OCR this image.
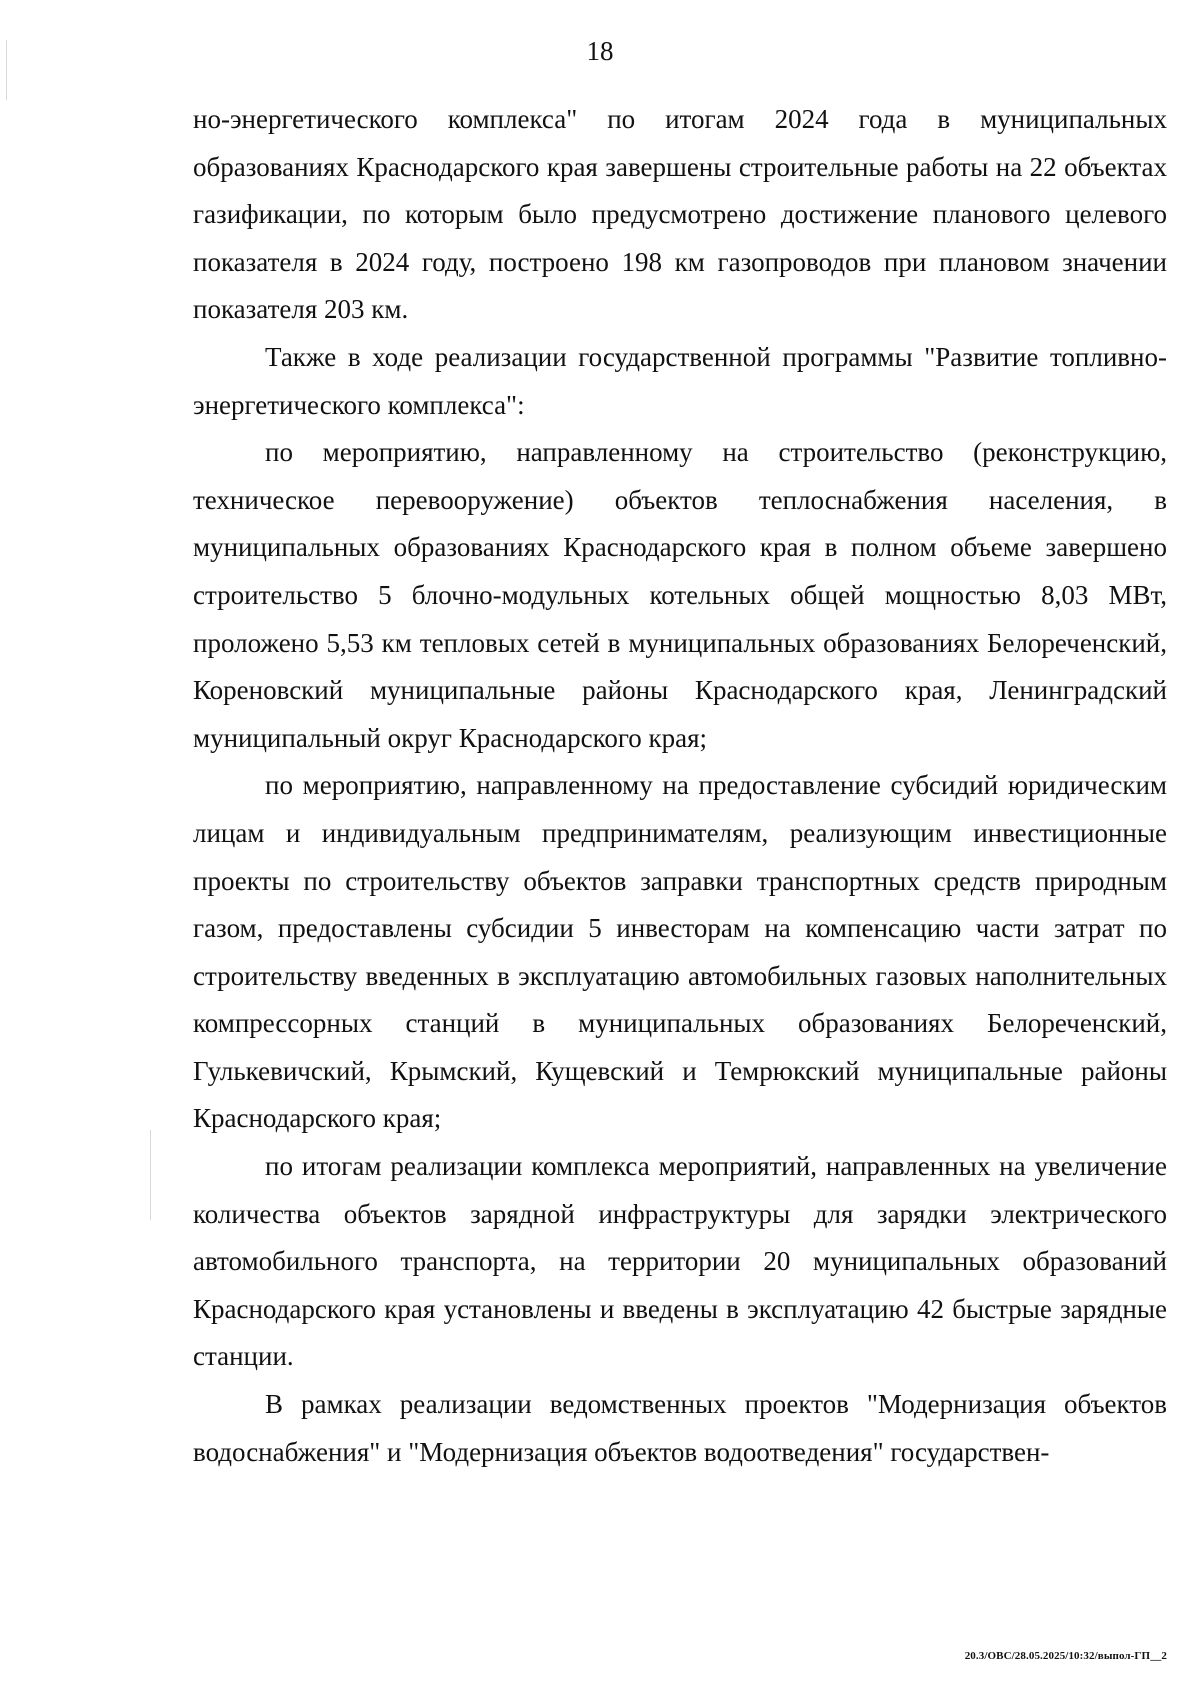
18

но-энергетического комплекса" по итогам 2024 года в муниципальных образованиях Краснодарского края завершены строительные работы на 22 объектах газификации, по которым было предусмотрено достижение планового целевого показателя в 2024 году, построено 198 км газопроводов при плановом значении показателя 203 км.

Также в ходе реализации государственной программы "Развитие топливно-энергетического комплекса":

по мероприятию, направленному на строительство (реконструкцию, техническое перевооружение) объектов теплоснабжения населения, в муниципальных образованиях Краснодарского края в полном объеме завершено строительство 5 блочно-модульных котельных общей мощностью 8,03 МВт, проложено 5,53 км тепловых сетей в муниципальных образованиях Белореченский, Кореновский муниципальные районы Краснодарского края, Ленинградский муниципальный округ Краснодарского края;

по мероприятию, направленному на предоставление субсидий юридическим лицам и индивидуальным предпринимателям, реализующим инвестиционные проекты по строительству объектов заправки транспортных средств природным газом, предоставлены субсидии 5 инвесторам на компенсацию части затрат по строительству введенных в эксплуатацию автомобильных газовых наполнительных компрессорных станций в муниципальных образованиях Белореченский, Гулькевичский, Крымский, Кущевский и Темрюкский муниципальные районы Краснодарского края;

по итогам реализации комплекса мероприятий, направленных на увеличение количества объектов зарядной инфраструктуры для зарядки электрического автомобильного транспорта, на территории 20 муниципальных образований Краснодарского края установлены и введены в эксплуатацию 42 быстрые зарядные станции.

В рамках реализации ведомственных проектов "Модернизация объектов водоснабжения" и "Модернизация объектов водоотведения" государствен-

20.3/OBC/28.05.2025/10:32/выпол-ГП__2
